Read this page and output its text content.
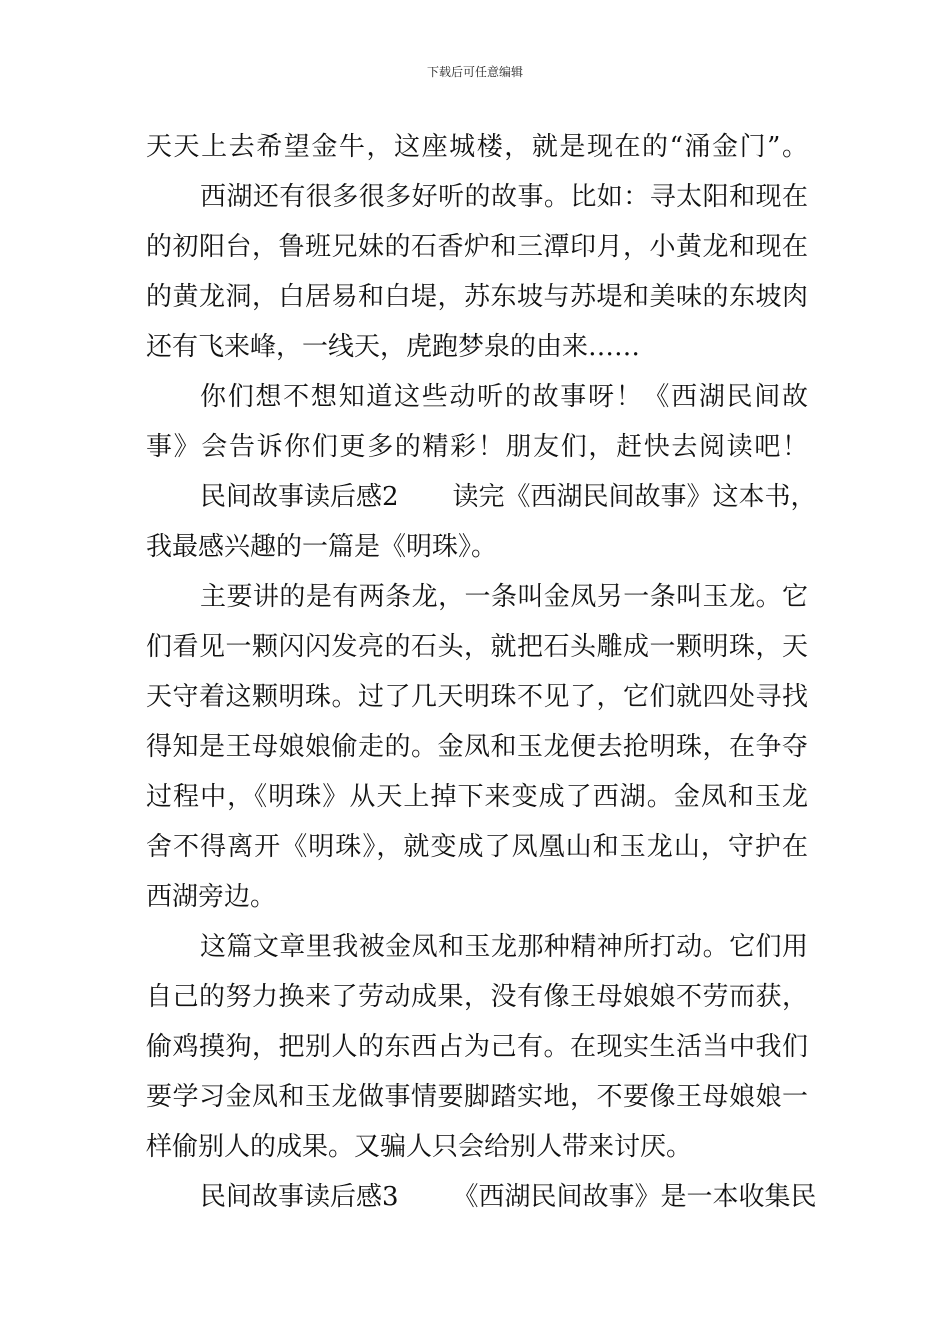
下载后可任意编辑
天天上去希望金牛，这座城楼，就是现在的“涌金门”。
西湖还有很多很多好听的故事。比如：寻太阳和现在
的初阳台，鲁班兄妹的石香炉和三潭印月，小黄龙和现在
的黄龙洞，白居易和白堤，苏东坡与苏堤和美味的东坡肉
还有飞来峰，一线天，虎跑梦泉的由来……
你们想不想知道这些动听的故事呀！《西湖民间故
事》会告诉你们更多的精彩！朋友们，赶快去阅读吧！
民间故事读后感2 读完《西湖民间故事》这本书，
我最感兴趣的一篇是《明珠》。
主要讲的是有两条龙，一条叫金凤另一条叫玉龙。它
们看见一颗闪闪发亮的石头，就把石头雕成一颗明珠，天
天守着这颗明珠。过了几天明珠不见了，它们就四处寻找
得知是王母娘娘偷走的。金凤和玉龙便去抢明珠，在争夺
过程中，《明珠》从天上掉下来变成了西湖。金凤和玉龙
舍不得离开《明珠》，就变成了凤凰山和玉龙山，守护在
西湖旁边。
这篇文章里我被金凤和玉龙那种精神所打动。它们用
自己的努力换来了劳动成果，没有像王母娘娘不劳而获，
偷鸡摸狗，把别人的东西占为己有。在现实生活当中我们
要学习金凤和玉龙做事情要脚踏实地，不要像王母娘娘一
样偷别人的成果。又骗人只会给别人带来讨厌。
民间故事读后感3 《西湖民间故事》是一本收集民
